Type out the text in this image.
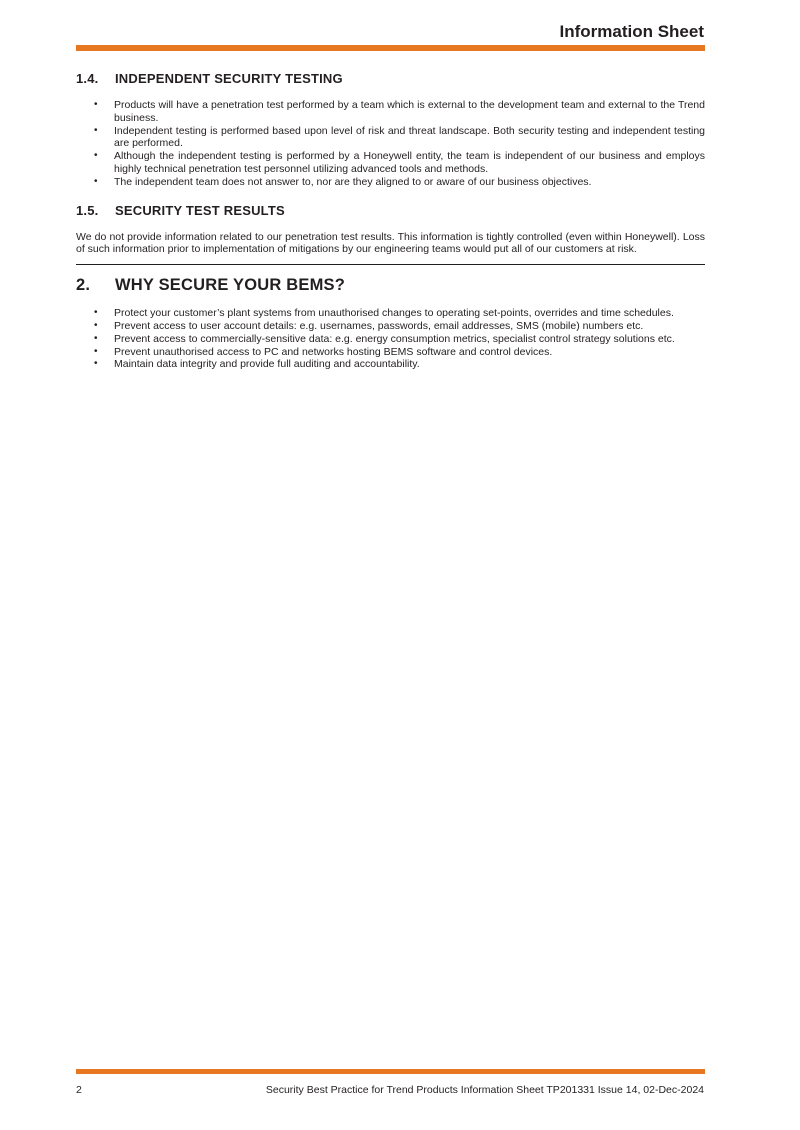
Information Sheet
1.4.	INDEPENDENT SECURITY TESTING
• Products will have a penetration test performed by a team which is external to the development team and external to the Trend business.
• Independent testing is performed based upon level of risk and threat landscape. Both security testing and independent testing are performed.
• Although the independent testing is performed by a Honeywell entity, the team is independent of our business and employs highly technical penetration test personnel utilizing advanced tools and methods.
• The independent team does not answer to, nor are they aligned to or aware of our business objectives.
1.5.	SECURITY TEST RESULTS

We do not provide information related to our penetration test results. This information is tightly controlled (even within Honeywell). Loss of such information prior to implementation of mitigations by our engineering teams would put all of our customers at risk.

2.	WHY SECURE YOUR BEMS?
• Protect your customer’s plant systems from unauthorised changes to operating set-points, overrides and time schedules.
• Prevent access to user account details: e.g. usernames, passwords, email addresses, SMS (mobile) numbers etc.
• Prevent access to commercially-sensitive data: e.g. energy consumption metrics, specialist control strategy solutions etc.
• Prevent unauthorised access to PC and networks hosting BEMS software and control devices.
• Maintain data integrity and provide full auditing and accountability.
2	Security Best Practice for Trend Products Information Sheet TP201331 Issue 14, 02-Dec-2024
